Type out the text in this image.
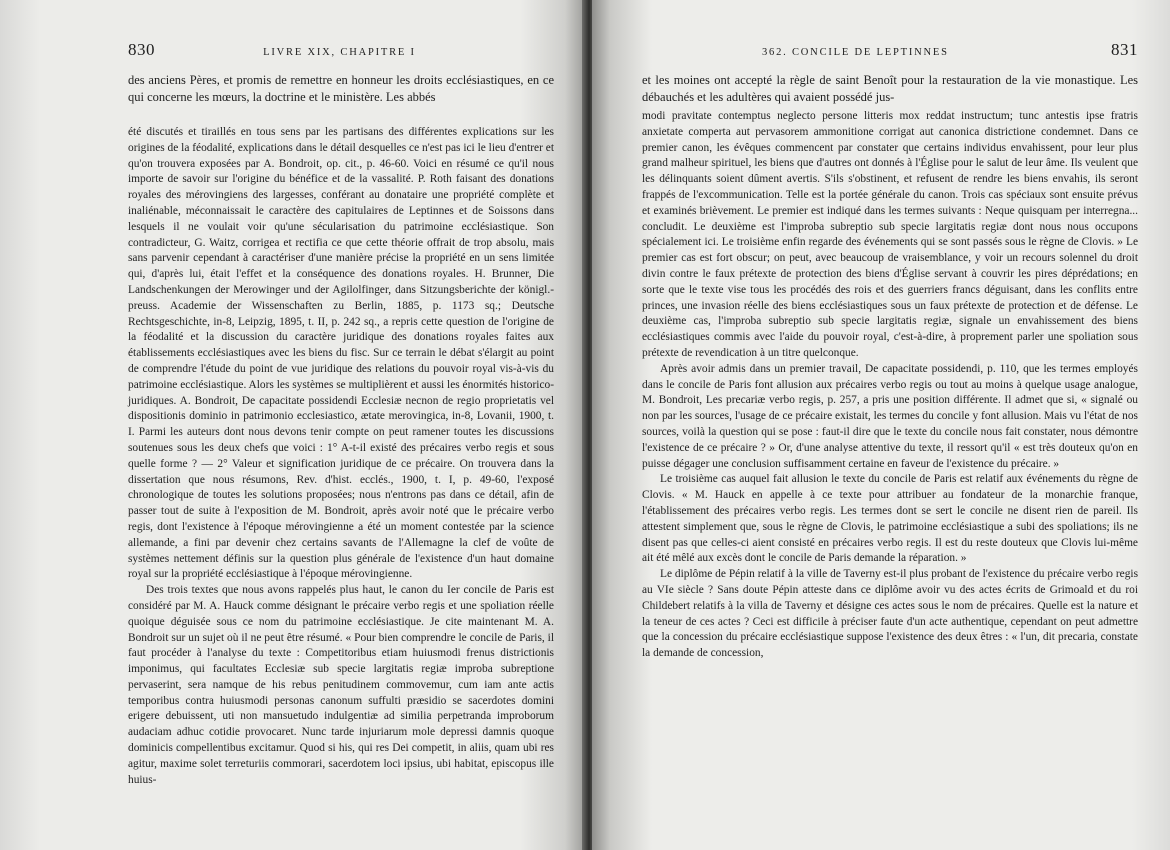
830	LIVRE XIX, CHAPITRE I

des anciens Pères, et promis de remettre en honneur les droits ecclésiastiques, en ce qui concerne les mœurs, la doctrine et le ministère. Les abbés

été discutés et tiraillés en tous sens par les partisans des différentes explications sur les origines de la féodalité, explications dans le détail desquelles ce n'est pas ici le lieu d'entrer et qu'on trouvera exposées par A. Bondroit, op. cit., p. 46-60. Voici en résumé ce qu'il nous importe de savoir sur l'origine du bénéfice et de la vassalité. P. Roth faisant des donations royales des mérovingiens des largesses, conférant au donataire une propriété complète et inaliénable, méconnaissait le caractère des capitulaires de Leptinnes et de Soissons dans lesquels il ne voulait voir qu'une sécularisation du patrimoine ecclésiastique. Son contradicteur, G. Waitz, corrigea et rectifia ce que cette théorie offrait de trop absolu, mais sans parvenir cependant à caractériser d'une manière précise la propriété en un sens limitée qui, d'après lui, était l'effet et la conséquence des donations royales. H. Brunner, Die Landschenkungen der Merowinger und der Agilolfinger, dans Sitzungsberichte der königl.-preuss. Academie der Wissenschaften zu Berlin, 1885, p. 1173 sq.; Deutsche Rechtsgeschichte, in-8, Leipzig, 1895, t. II, p. 242 sq., a repris cette question de l'origine de la féodalité et la discussion du caractère juridique des donations royales faites aux établissements ecclésiastiques avec les biens du fisc. Sur ce terrain le débat s'élargit au point de comprendre l'étude du point de vue juridique des relations du pouvoir royal vis-à-vis du patrimoine ecclésiastique. Alors les systèmes se multiplièrent et aussi les énormités historico-juridiques. A. Bondroit, De capacitate possidendi Ecclesiæ necnon de regio proprietatis vel dispositionis dominio in patrimonio ecclesiastico, ætate merovingica, in-8, Lovanii, 1900, t. I. Parmi les auteurs dont nous devons tenir compte on peut ramener toutes les discussions soutenues sous les deux chefs que voici : 1° A-t-il existé des précaires verbo regis et sous quelle forme ? — 2° Valeur et signification juridique de ce précaire. On trouvera dans la dissertation que nous résumons, Rev. d'hist. ecclés., 1900, t. I, p. 49-60, l'exposé chronologique de toutes les solutions proposées; nous n'entrons pas dans ce détail, afin de passer tout de suite à l'exposition de M. Bondroit, après avoir noté que le précaire verbo regis, dont l'existence à l'époque mérovingienne a été un moment contestée par la science allemande, a fini par devenir chez certains savants de l'Allemagne la clef de voûte de systèmes nettement définis sur la question plus générale de l'existence d'un haut domaine royal sur la propriété ecclésiastique à l'époque mérovingienne.

Des trois textes que nous avons rappelés plus haut, le canon du Ier concile de Paris est considéré par M. A. Hauck comme désignant le précaire verbo regis et une spoliation réelle quoique déguisée sous ce nom du patrimoine ecclésiastique. Je cite maintenant M. A. Bondroit sur un sujet où il ne peut être résumé. « Pour bien comprendre le concile de Paris, il faut procéder à l'analyse du texte : Competitoribus etiam huiusmodi frenus districtionis imponimus, qui facultates Ecclesiæ sub specie largitatis regiæ improba subreptione pervaserint, sera namque de his rebus penitudinem commovemur, cum iam ante actis temporibus contra huiusmodi personas canonum suffulti præsidio se sacerdotes domini erigere debuissent, uti non mansuetudo indulgentiæ ad similia perpetranda improborum audaciam adhuc cotidie provocaret. Nunc tarde injuriarum mole depressi damnis quoque dominicis compellentibus excitamur. Quod si his, qui res Dei competit, in aliis, quam ubi res agitur, maxime solet terreturiis commorari, sacerdotem loci ipsius, ubi habitat, episcopus ille huius-

362. CONCILE DE LEPTINNES	831

et les moines ont accepté la règle de saint Benoît pour la restauration de la vie monastique. Les débauchés et les adultères qui avaient possédé jus-

modi pravitate contemptus neglecto persone litteris mox reddat instructum; tunc antestis ipse fratris anxietate comperta aut pervasorem ammonitione corrigat aut canonica districtione condemnet. Dans ce premier canon, les évêques commencent par constater que certains individus envahissent, pour leur plus grand malheur spirituel, les biens que d'autres ont donnés à l'Église pour le salut de leur âme. Ils veulent que les délinquants soient dûment avertis. S'ils s'obstinent, et refusent de rendre les biens envahis, ils seront frappés de l'excommunication. Telle est la portée générale du canon. Trois cas spéciaux sont ensuite prévus et examinés brièvement. Le premier est indiqué dans les termes suivants : Neque quisquam per interregna... concludit. Le deuxième est l'improba subreptio sub specie largitatis regiæ dont nous nous occupons spécialement ici. Le troisième enfin regarde des événements qui se sont passés sous le règne de Clovis. » Le premier cas est fort obscur; on peut, avec beaucoup de vraisemblance, y voir un recours solennel du droit divin contre le faux prétexte de protection des biens d'Église servant à couvrir les pires déprédations; en sorte que le texte vise tous les procédés des rois et des guerriers francs déguisant, dans les conflits entre princes, une invasion réelle des biens ecclésiastiques sous un faux prétexte de protection et de défense. Le deuxième cas, l'improba subreptio sub specie largitatis regiæ, signale un envahissement des biens ecclésiastiques commis avec l'aide du pouvoir royal, c'est-à-dire, à proprement parler une spoliation sous prétexte de revendication à un titre quelconque.

Après avoir admis dans un premier travail, De capacitate possidendi, p. 110, que les termes employés dans le concile de Paris font allusion aux précaires verbo regis ou tout au moins à quelque usage analogue, M. Bondroit, Les precariæ verbo regis, p. 257, a pris une position différente. Il admet que si, « signalé ou non par les sources, l'usage de ce précaire existait, les termes du concile y font allusion. Mais vu l'état de nos sources, voilà la question qui se pose : faut-il dire que le texte du concile nous fait constater, nous démontre l'existence de ce précaire ? » Or, d'une analyse attentive du texte, il ressort qu'il « est très douteux qu'on en puisse dégager une conclusion suffisamment certaine en faveur de l'existence du précaire. »

Le troisième cas auquel fait allusion le texte du concile de Paris est relatif aux événements du règne de Clovis. « M. Hauck en appelle à ce texte pour attribuer au fondateur de la monarchie franque, l'établissement des précaires verbo regis. Les termes dont se sert le concile ne disent rien de pareil. Ils attestent simplement que, sous le règne de Clovis, le patrimoine ecclésiastique a subi des spoliations; ils ne disent pas que celles-ci aient consisté en précaires verbo regis. Il est du reste douteux que Clovis lui-même ait été mêlé aux excès dont le concile de Paris demande la réparation. »

Le diplôme de Pépin relatif à la ville de Taverny est-il plus probant de l'existence du précaire verbo regis au VIe siècle ? Sans doute Pépin atteste dans ce diplôme avoir vu des actes écrits de Grimoald et du roi Childebert relatifs à la villa de Taverny et désigne ces actes sous le nom de précaires. Quelle est la nature et la teneur de ces actes ? Ceci est difficile à préciser faute d'un acte authentique, cependant on peut admettre que la concession du précaire ecclésiastique suppose l'existence des deux êtres : « l'un, dit precaria, constate la demande de concession,
